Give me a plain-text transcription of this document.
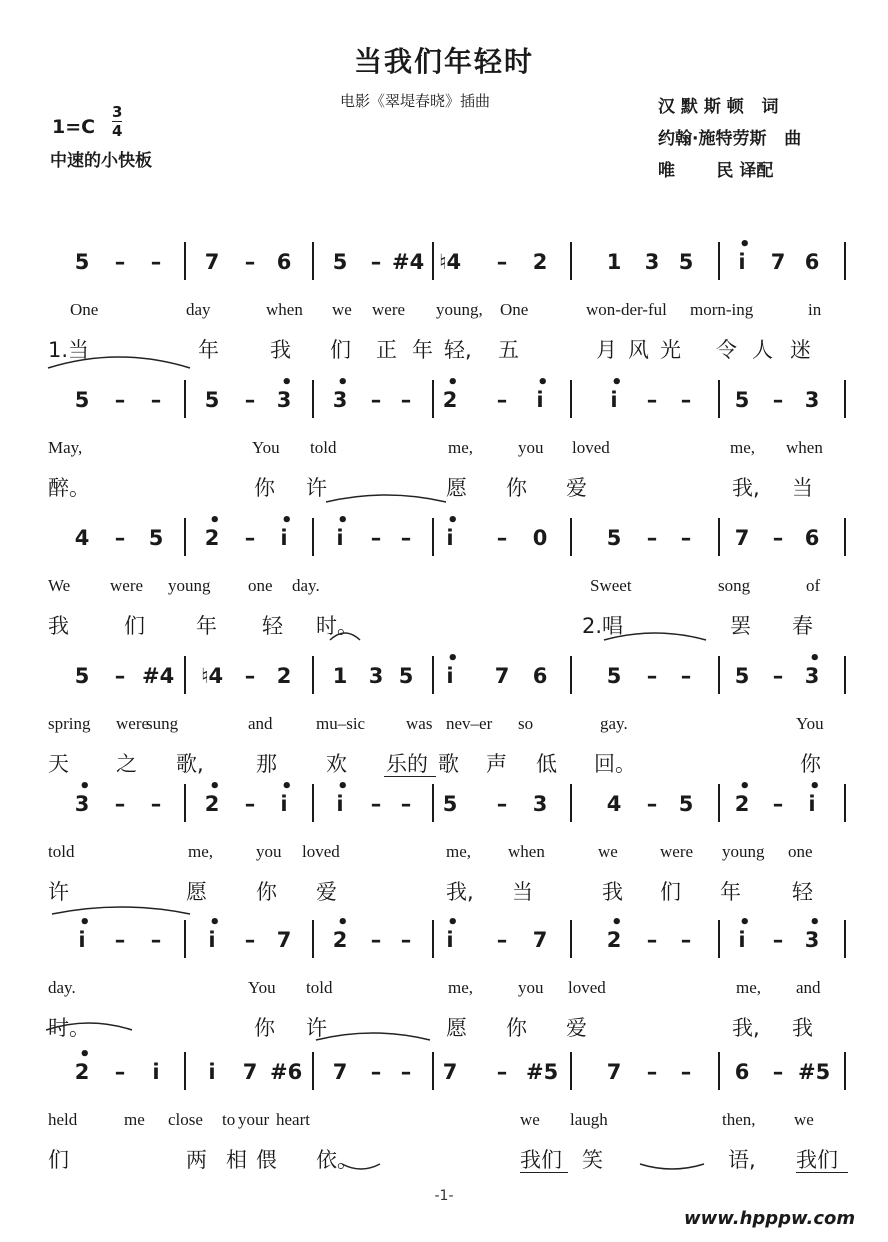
当我们年轻时
电影《翠堤春晓》插曲	汉 默 斯 顿   词
约翰·施特劳斯   曲
唯       民 译配
1=C
3
4
中速的小快板
5	–	–	7	–	6	5	– #4 ♮4	–	2	1	3 5	i	7 6
•
One	day	when we were young, One	won-der-ful morn-ing	in
1.当	年 我 们 正 年 轻, 五	月 风 光 令 人 迷
5	–	–	5	–	3	3	– –	2	–	i	i	–	–	5	–	3
• •	•	•	•
May,	You told	me,	you loved	me, when
醉。	你 许	愿 你 爱	我, 当
4	–	5	2	–	i	i	– –	i	–	0	5	–	–	7	–	6
•	• •	•
We were young one day.	Sweet	song	of
我	们 年 轻 时。	2.唱	罢 春
5	– #4 ♮4	–	2	1	3 5	i	7	6	5	–	–	5	–	3
•	•
spring were
sung	and	mu–sic was nev–er so	gay.	You
天 之 歌, 那 欢 乐的 歌 声 低 回。	你
3	–	–	2	–	i	i	– –	5	–	3	4	–	5	2	–	i
•	•	• •	•	•
told	me,	you loved	me, when	we were young one
许	愿 你 爱	我, 当	我 们 年 轻
i	–	–	i	–	7	2	– –	i	–	7	2	–	–	i	–	3
•	•	•	•	•	•	•
day.	You told	me,	you loved	me, and
时。	你 许	愿 你 爱	我, 我
2	–	i	i	7 #6	7	– –	7	– #5	7	–	–	6	– #5
•
held	me close to your heart	we laugh	then, we
们	两 相 偎 依。	我们 笑	语, 我们
-1-
www.hpppw.com
